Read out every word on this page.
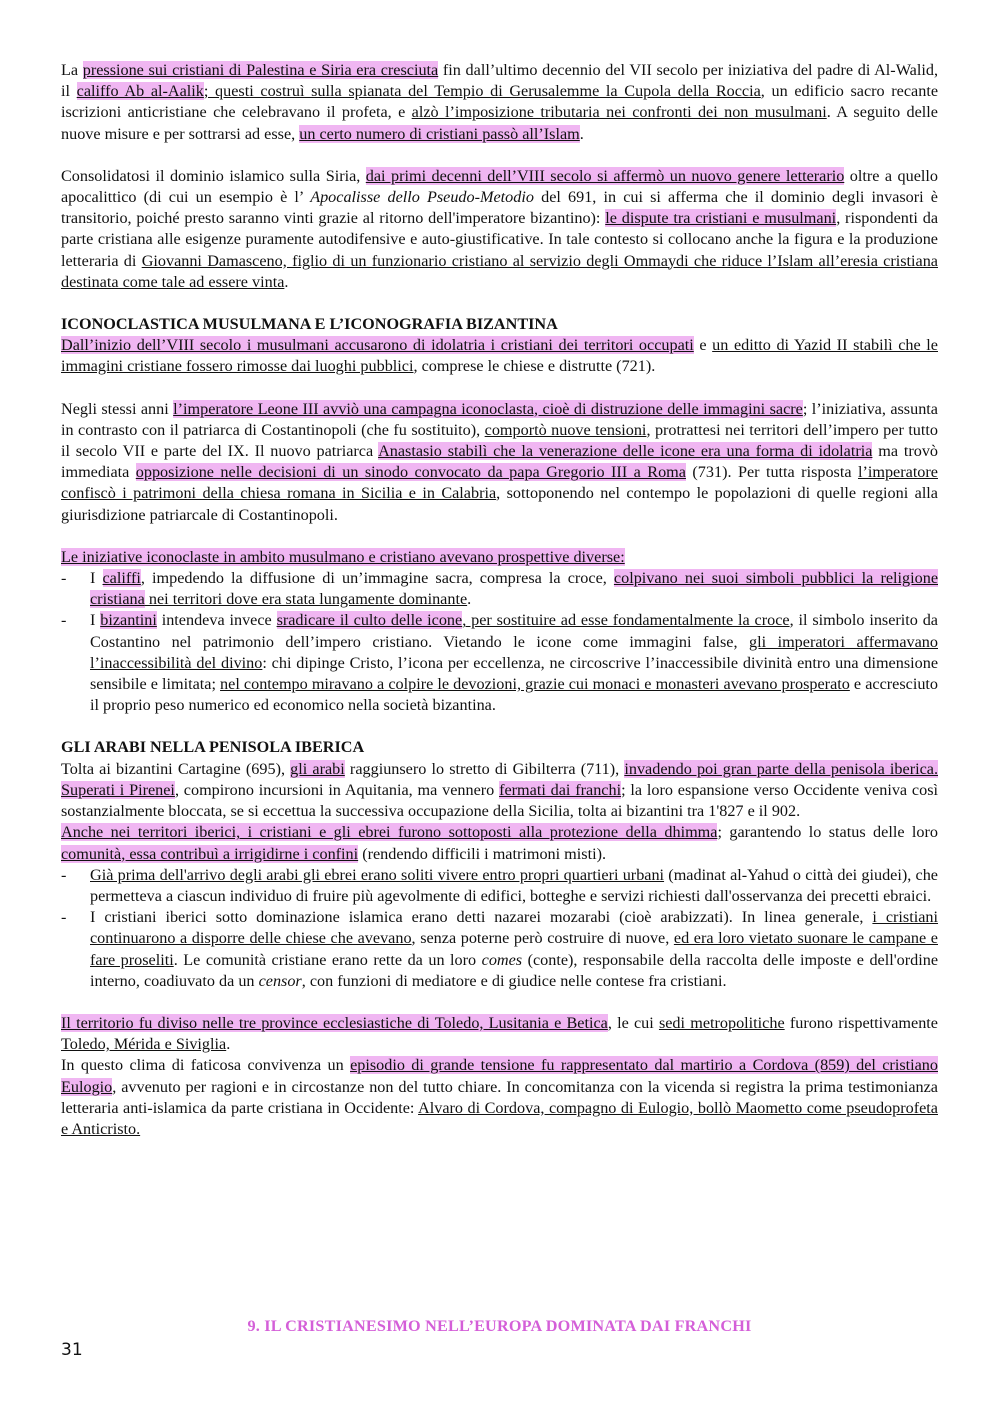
La pressione sui cristiani di Palestina e Siria era cresciuta fin dall’ultimo decennio del VII secolo per iniziativa del padre di Al-Walid, il califfo Ab al-Aalik; questi costruì sulla spianata del Tempio di Gerusalemme la Cupola della Roccia, un edificio sacro recante iscrizioni anticristiane che celebravano il profeta, e alzò l’imposizione tributaria nei confronti dei non musulmani. A seguito delle nuove misure e per sottrarsi ad esse, un certo numero di cristiani passò all’Islam.

Consolidatosi il dominio islamico sulla Siria, dai primi decenni dell’VIII secolo si affermò un nuovo genere letterario oltre a quello apocalittico (di cui un esempio è l’ Apocalisse dello Pseudo-Metodio del 691, in cui si afferma che il dominio degli invasori è transitorio, poiché presto saranno vinti grazie al ritorno dell'imperatore bizantino): le dispute tra cristiani e musulmani, rispondenti da parte cristiana alle esigenze puramente autodifensive e auto-giustificative. In tale contesto si collocano anche la figura e la produzione letteraria di Giovanni Damasceno, figlio di un funzionario cristiano al servizio degli Ommaydi che riduce l’Islam all’eresia cristiana destinata come tale ad essere vinta.

ICONOCLASTICA MUSULMANA E L’ICONOGRAFIA BIZANTINA

Dall’inizio dell’VIII secolo i musulmani accusarono di idolatria i cristiani dei territori occupati e un editto di Yazid II stabilì che le immagini cristiane fossero rimosse dai luoghi pubblici, comprese le chiese e distrutte (721).

Negli stessi anni l’imperatore Leone III avviò una campagna iconoclasta, cioè di distruzione delle immagini sacre; l’iniziativa, assunta in contrasto con il patriarca di Costantinopoli (che fu sostituito), comportò nuove tensioni, protrattesi nei territori dell’impero per tutto il secolo VII e parte del IX. Il nuovo patriarca Anastasio stabilì che la venerazione delle icone era una forma di idolatria ma trovò immediata opposizione nelle decisioni di un sinodo convocato da papa Gregorio III a Roma (731). Per tutta risposta l’imperatore confiscò i patrimoni della chiesa romana in Sicilia e in Calabria, sottoponendo nel contempo le popolazioni di quelle regioni alla giurisdizione patriarcale di Costantinopoli.

Le iniziative iconoclaste in ambito musulmano e cristiano avevano prospettive diverse:

- I califfi, impedendo la diffusione di un’immagine sacra, compresa la croce, colpivano nei suoi simboli pubblici la religione cristiana nei territori dove era stata lungamente dominante.
- I bizantini intendeva invece sradicare il culto delle icone, per sostituire ad esse fondamentalmente la croce, il simbolo inserito da Costantino nel patrimonio dell’impero cristiano. Vietando le icone come immagini false, gli imperatori affermavano l’inaccessibilità del divino: chi dipinge Cristo, l’icona per eccellenza, ne circoscrive l’inaccessibile divinità entro una dimensione sensibile e limitata; nel contempo miravano a colpire le devozioni, grazie cui monaci e monasteri avevano prosperato e accresciuto il proprio peso numerico ed economico nella società bizantina.
GLI ARABI NELLA PENISOLA IBERICA

Tolta ai bizantini Cartagine (695), gli arabi raggiunsero lo stretto di Gibilterra (711), invadendo poi gran parte della penisola iberica. Superati i Pirenei, compirono incursioni in Aquitania, ma vennero fermati dai franchi; la loro espansione verso Occidente veniva così sostanzialmente bloccata, se si eccettua la successiva occupazione della Sicilia, tolta ai bizantini tra 1'827 e il 902.

Anche nei territori iberici, i cristiani e gli ebrei furono sottoposti alla protezione della dhimma; garantendo lo status delle loro comunità, essa contribuì a irrigidirne i confini (rendendo difficili i matrimoni misti).

- Già prima dell'arrivo degli arabi gli ebrei erano soliti vivere entro propri quartieri urbani (madinat al-Yahud o città dei giudei), che permetteva a ciascun individuo di fruire più agevolmente di edifici, botteghe e servizi richiesti dall'osservanza dei precetti ebraici.
- I cristiani iberici sotto dominazione islamica erano detti nazarei mozarabi (cioè arabizzati). In linea generale, i cristiani continuarono a disporre delle chiese che avevano, senza poterne però costruire di nuove, ed era loro vietato suonare le campane e fare proseliti. Le comunità cristiane erano rette da un loro comes (conte), responsabile della raccolta delle imposte e dell'ordine interno, coadiuvato da un censor, con funzioni di mediatore e di giudice nelle contese fra cristiani.

Il territorio fu diviso nelle tre province ecclesiastiche di Toledo, Lusitania e Betica, le cui sedi metropolitiche furono rispettivamente Toledo, Mérida e Siviglia.

In questo clima di faticosa convivenza un episodio di grande tensione fu rappresentato dal martirio a Cordova (859) del cristiano Eulogio, avvenuto per ragioni e in circostanze non del tutto chiare. In concomitanza con la vicenda si registra la prima testimonianza letteraria anti-islamica da parte cristiana in Occidente: Alvaro di Cordova, compagno di Eulogio, bollò Maometto come pseudoprofeta e Anticristo.

9. IL CRISTIANESIMO NELL’EUROPA DOMINATA DAI FRANCHI
31
